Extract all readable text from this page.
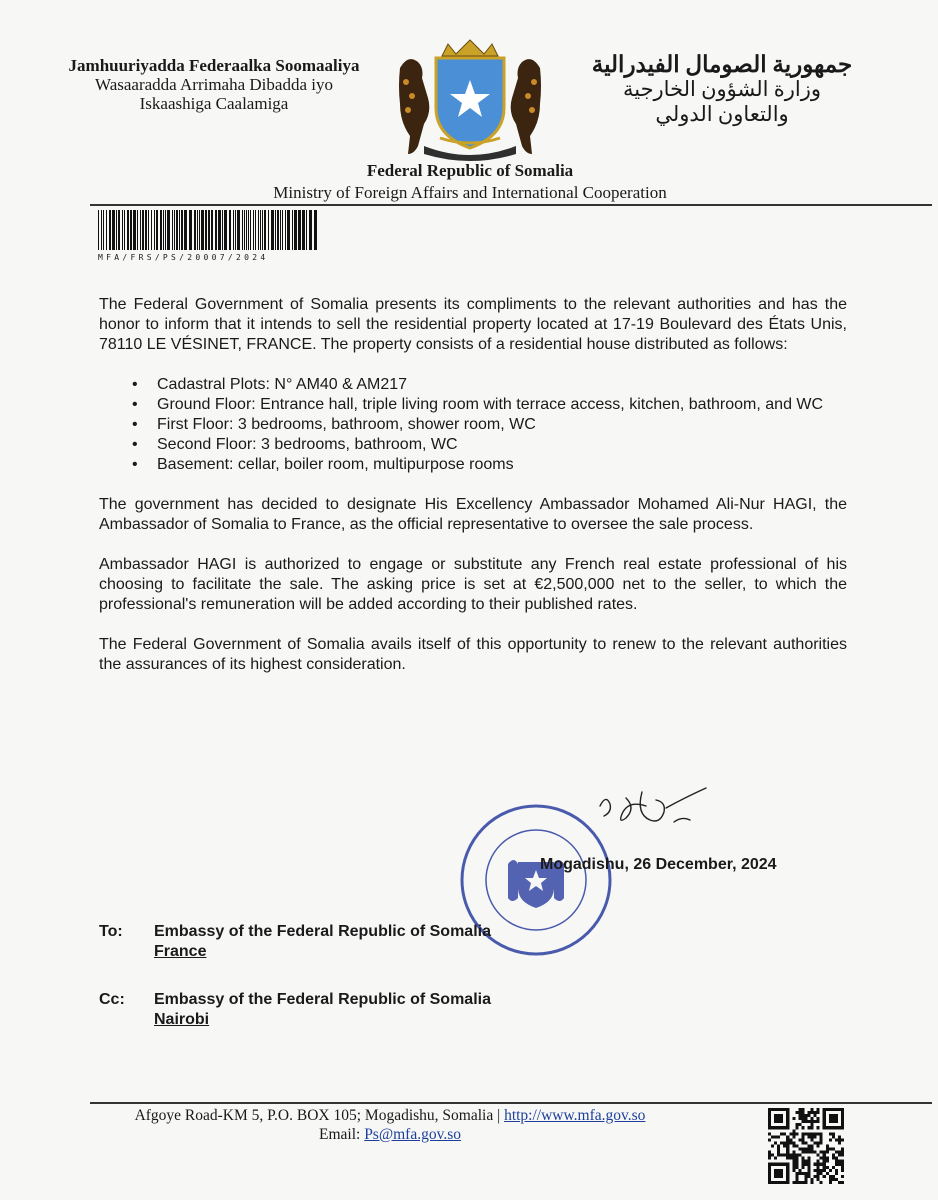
Jamhuuriyadda Federaalka Soomaaliya
Wasaaradda Arrimaha Dibadda iyo
Iskaashiga Caalamiga
جمهورية الصومال الفيدرالية
وزارة الشؤون الخارجية
والتعاون الدولي
Federal Republic of Somalia
Ministry of Foreign Affairs and International Cooperation
MFA/FRS/PS/20007/2024

The Federal Government of Somalia presents its compliments to the relevant authorities and has the honor to inform that it intends to sell the residential property located at 17-19 Boulevard des États Unis, 78110 LE VÉSINET, FRANCE. The property consists of a residential house distributed as follows:

• Cadastral Plots: N° AM40 & AM217
• Ground Floor: Entrance hall, triple living room with terrace access, kitchen, bathroom, and WC
• First Floor: 3 bedrooms, bathroom, shower room, WC
• Second Floor: 3 bedrooms, bathroom, WC
• Basement: cellar, boiler room, multipurpose rooms

The government has decided to designate His Excellency Ambassador Mohamed Ali-Nur HAGI, the Ambassador of Somalia to France, as the official representative to oversee the sale process.

Ambassador HAGI is authorized to engage or substitute any French real estate professional of his choosing to facilitate the sale. The asking price is set at €2,500,000 net to the seller, to which the professional's remuneration will be added according to their published rates.

The Federal Government of Somalia avails itself of this opportunity to renew to the relevant authorities the assurances of its highest consideration.

Mogadishu, 26 December, 2024
To: Embassy of the Federal Republic of Somalia
France
Cc: Embassy of the Federal Republic of Somalia
Nairobi
Afgoye Road-KM 5, P.O. BOX 105; Mogadishu, Somalia | http://www.mfa.gov.so
Email: Ps@mfa.gov.so
